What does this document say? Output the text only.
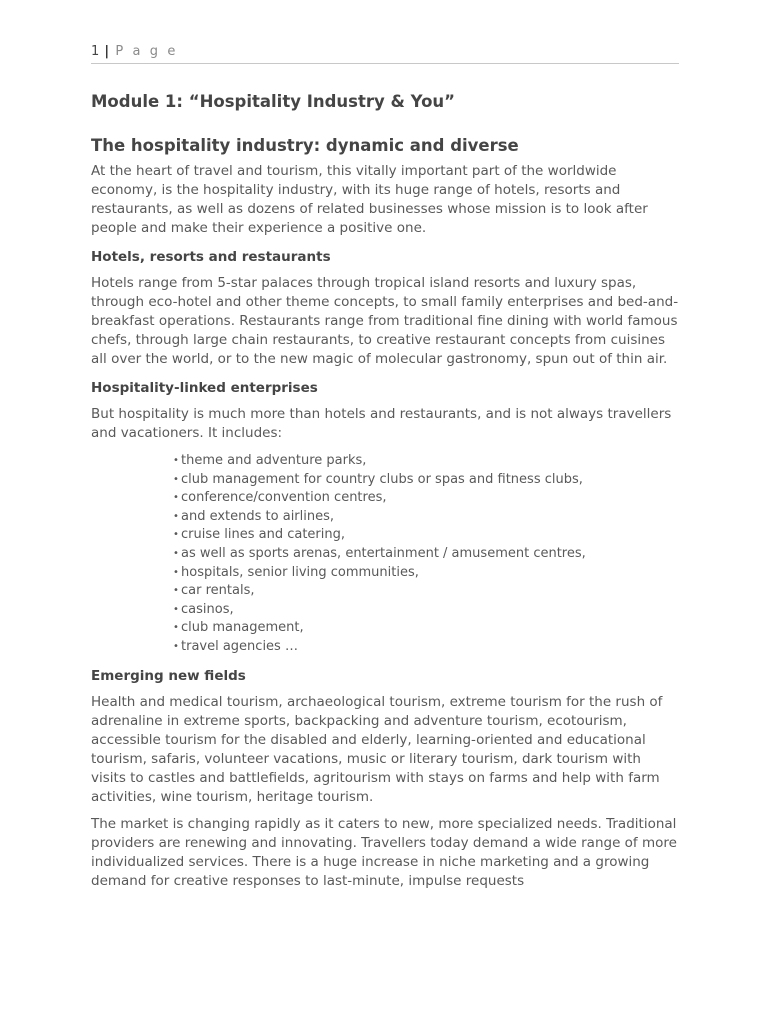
1 | P a g e
Module 1: “Hospitality Industry & You”
The hospitality industry: dynamic and diverse

At the heart of travel and tourism, this vitally important part of the worldwide economy, is the hospitality industry, with its huge range of hotels, resorts and restaurants, as well as dozens of related businesses whose mission is to look after people and make their experience a positive one.

Hotels, resorts and restaurants

Hotels range from 5-star palaces through tropical island resorts and luxury spas, through eco-hotel and other theme concepts, to small family enterprises and bed-and-breakfast operations. Restaurants range from traditional fine dining with world famous chefs, through large chain restaurants, to creative restaurant concepts from cuisines all over the world, or to the new magic of molecular gastronomy, spun out of thin air.

Hospitality-linked enterprises

But hospitality is much more than hotels and restaurants, and is not always travellers and vacationers. It includes:

• theme and adventure parks,
• club management for country clubs or spas and fitness clubs,
• conference/convention centres,
• and extends to airlines,
• cruise lines and catering,
• as well as sports arenas, entertainment / amusement centres,
• hospitals, senior living communities,
• car rentals,
• casinos,
• club management,
• travel agencies …
Emerging new fields

Health and medical tourism, archaeological tourism, extreme tourism for the rush of adrenaline in extreme sports, backpacking and adventure tourism, ecotourism, accessible tourism for the disabled and elderly, learning-oriented and educational tourism, safaris, volunteer vacations, music or literary tourism, dark tourism with visits to castles and battlefields, agritourism with stays on farms and help with farm activities, wine tourism, heritage tourism.

The market is changing rapidly as it caters to new, more specialized needs. Traditional providers are renewing and innovating. Travellers today demand a wide range of more individualized services. There is a huge increase in niche marketing and a growing demand for creative responses to last-minute, impulse requests
